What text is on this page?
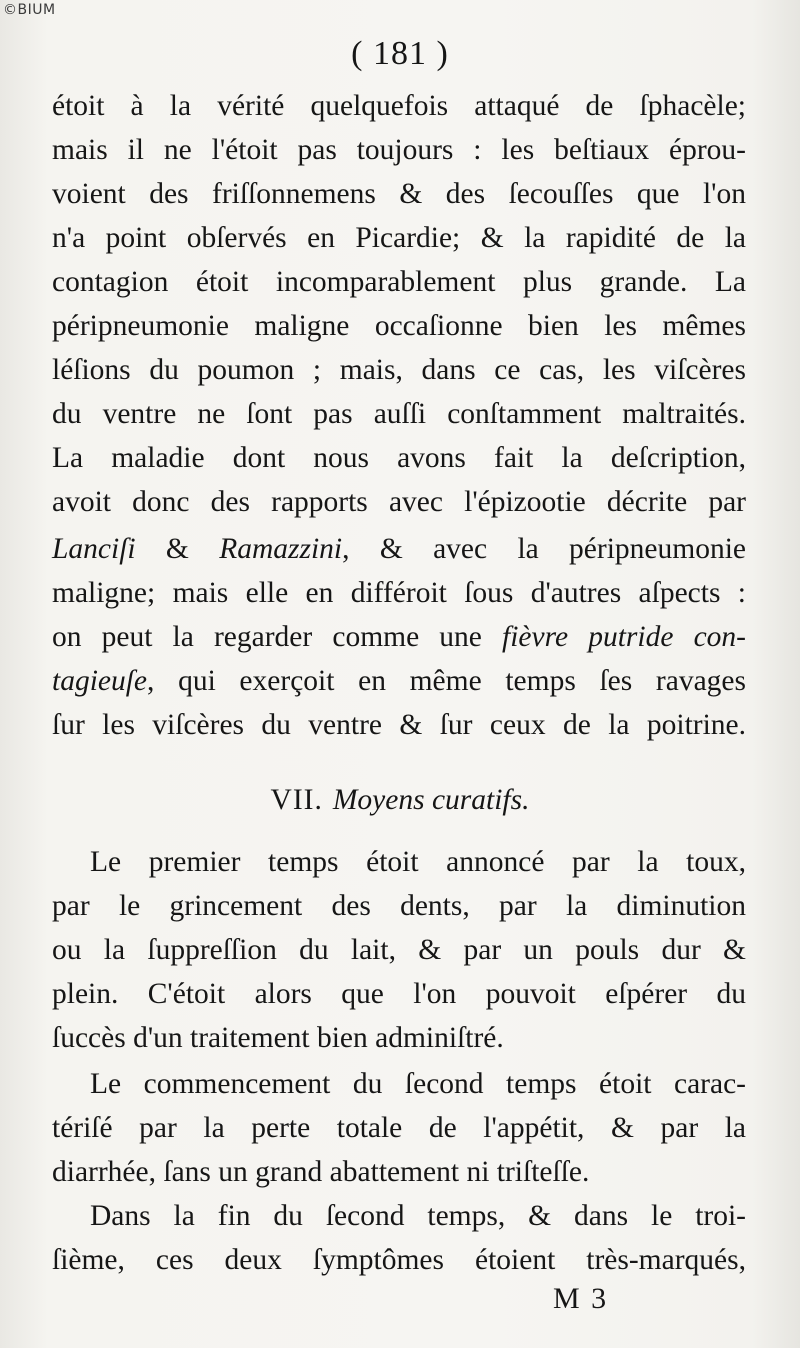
©BIUM
( 181 )

étoit à la vérité quelquefois attaqué de ſphacèle;
mais il ne l'étoit pas toujours : les beſtiaux éprou-
voient des friſſonnemens & des ſecouſſes que l'on
n'a point obſervés en Picardie; & la rapidité de la
contagion étoit incomparablement plus grande. La
péripneumonie maligne occaſionne bien les mêmes
léſions du poumon ; mais, dans ce cas, les viſcères
du ventre ne ſont pas auſſi conſtamment maltraités.
La maladie dont nous avons fait la deſcription,
avoit donc des rapports avec l'épizootie décrite par
Lanciſi & Ramazzini, & avec la péripneumonie
maligne; mais elle en différoit ſous d'autres aſpects :
on peut la regarder comme une fièvre putride con-
tagieuſe, qui exerçoit en même temps ſes ravages
ſur les viſcères du ventre & ſur ceux de la poitrine.
VII. Moyens curatifs.
Le premier temps étoit annoncé par la toux,
par le grincement des dents, par la diminution
ou la ſuppreſſion du lait, & par un pouls dur &
plein. C'étoit alors que l'on pouvoit eſpérer du
ſuccès d'un traitement bien adminiſtré.
Le commencement du ſecond temps étoit carac-
tériſé par la perte totale de l'appétit, & par la
diarrhée, ſans un grand abattement ni triſteſſe.
Dans la fin du ſecond temps, & dans le troi-
ſième, ces deux ſymptômes étoient très-marqués,
M 3
